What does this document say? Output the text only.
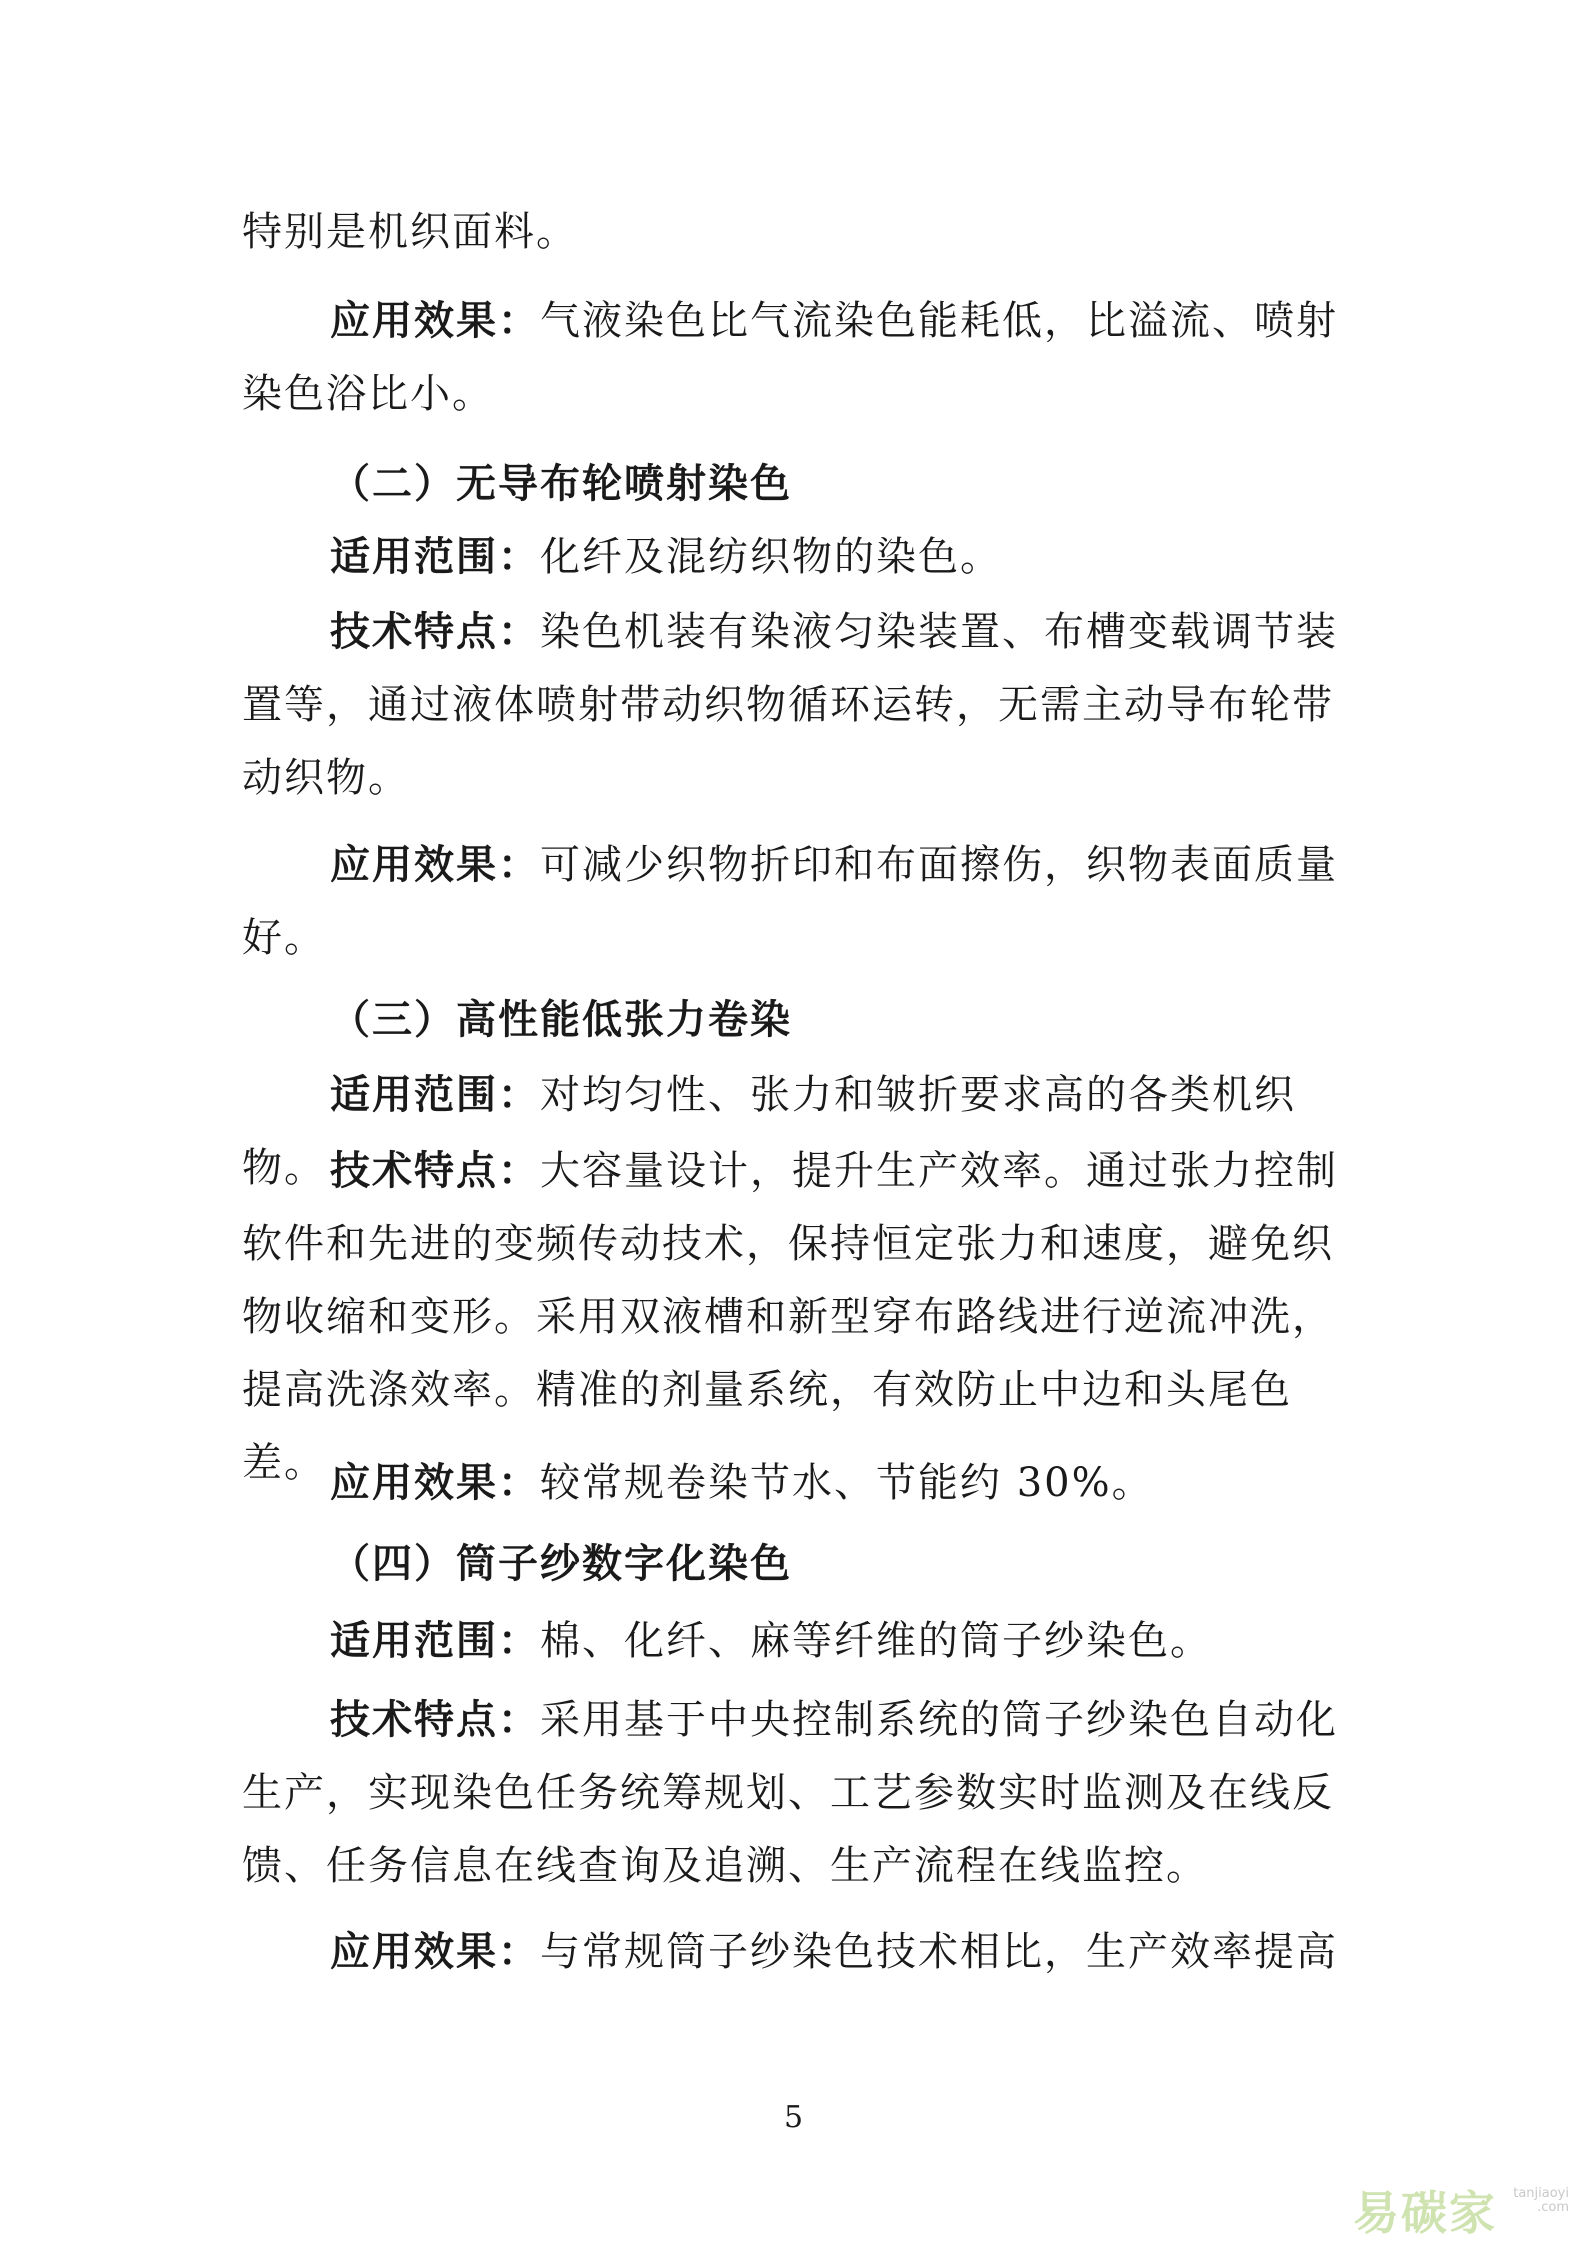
特别是机织面料。

应用效果：气液染色比气流染色能耗低，比溢流、喷射染色浴比小。

（二）无导布轮喷射染色

适用范围：化纤及混纺织物的染色。

技术特点：染色机装有染液匀染装置、布槽变载调节装置等，通过液体喷射带动织物循环运转，无需主动导布轮带动织物。

应用效果：可减少织物折印和布面擦伤，织物表面质量好。

（三）高性能低张力卷染

适用范围：对均匀性、张力和皱折要求高的各类机织物。 技术特点：大容量设计，提升生产效率。通过张力控制软件和先进的变频传动技术，保持恒定张力和速度，避免织物收缩和变形。采用双液槽和新型穿布路线进行逆流冲洗，提高洗涤效率。精准的剂量系统，有效防止中边和头尾色差。 应用效果：较常规卷染节水、节能约 30%。

（四）筒子纱数字化染色

适用范围：棉、化纤、麻等纤维的筒子纱染色。

技术特点：采用基于中央控制系统的筒子纱染色自动化生产，实现染色任务统筹规划、工艺参数实时监测及在线反馈、任务信息在线查询及追溯、生产流程在线监控。

应用效果：与常规筒子纱染色技术相比，生产效率提高

5
易碳家 tanjiaoyi
.com
